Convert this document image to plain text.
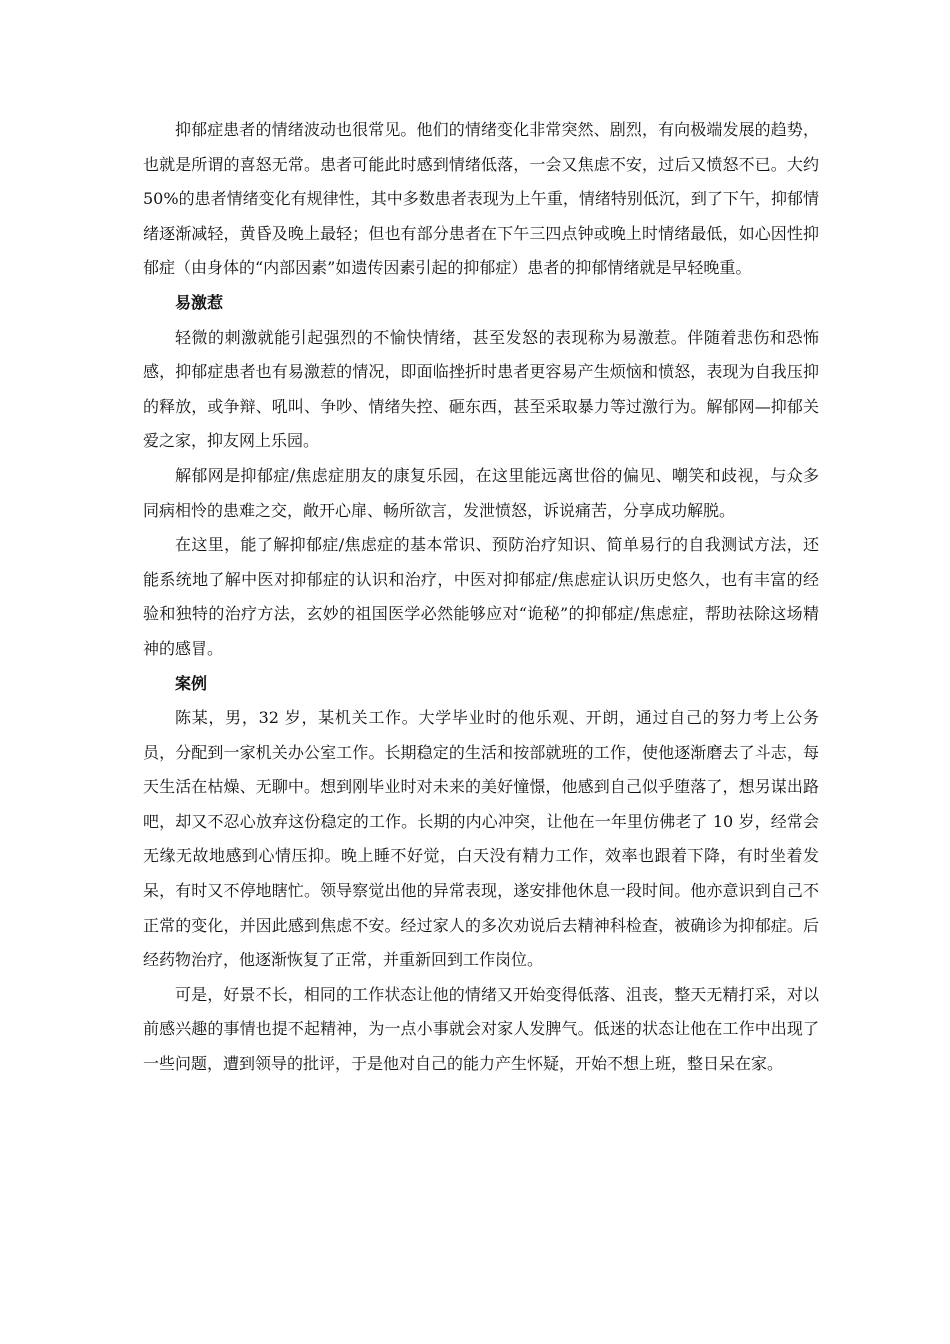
抑郁症患者的情绪波动也很常见。他们的情绪变化非常突然、剧烈，有向极端发展的趋势，也就是所谓的喜怒无常。患者可能此时感到情绪低落，一会又焦虑不安，过后又愤怒不已。大约 50%的患者情绪变化有规律性，其中多数患者表现为上午重，情绪特别低沉，到了下午，抑郁情绪逐渐减轻，黄昏及晚上最轻；但也有部分患者在下午三四点钟或晚上时情绪最低，如心因性抑郁症（由身体的“内部因素”如遗传因素引起的抑郁症）患者的抑郁情绪就是早轻晚重。

易激惹

轻微的刺激就能引起强烈的不愉快情绪，甚至发怒的表现称为易激惹。伴随着悲伤和恐怖感，抑郁症患者也有易激惹的情况，即面临挫折时患者更容易产生烦恼和愤怒，表现为自我压抑的释放，或争辩、吼叫、争吵、情绪失控、砸东西，甚至采取暴力等过激行为。解郁网—抑郁关爱之家，抑友网上乐园。

解郁网是抑郁症/焦虑症朋友的康复乐园，在这里能远离世俗的偏见、嘲笑和歧视，与众多同病相怜的患难之交，敞开心扉、畅所欲言，发泄愤怒，诉说痛苦，分享成功解脱。

在这里，能了解抑郁症/焦虑症的基本常识、预防治疗知识、简单易行的自我测试方法，还能系统地了解中医对抑郁症的认识和治疗，中医对抑郁症/焦虑症认识历史悠久，也有丰富的经验和独特的治疗方法，玄妙的祖国医学必然能够应对“诡秘”的抑郁症/焦虑症，帮助祛除这场精神的感冒。

案例

陈某，男，32 岁，某机关工作。大学毕业时的他乐观、开朗，通过自己的努力考上公务员，分配到一家机关办公室工作。长期稳定的生活和按部就班的工作，使他逐渐磨去了斗志，每天生活在枯燥、无聊中。想到刚毕业时对未来的美好憧憬，他感到自己似乎堕落了，想另谋出路吧，却又不忍心放弃这份稳定的工作。长期的内心冲突，让他在一年里仿佛老了 10 岁，经常会无缘无故地感到心情压抑。晚上睡不好觉，白天没有精力工作，效率也跟着下降，有时坐着发呆，有时又不停地瞎忙。领导察觉出他的异常表现，遂安排他休息一段时间。他亦意识到自己不正常的变化，并因此感到焦虑不安。经过家人的多次劝说后去精神科检查，被确诊为抑郁症。后经药物治疗，他逐渐恢复了正常，并重新回到工作岗位。

可是，好景不长，相同的工作状态让他的情绪又开始变得低落、沮丧，整天无精打采，对以前感兴趣的事情也提不起精神，为一点小事就会对家人发脾气。低迷的状态让他在工作中出现了一些问题，遭到领导的批评，于是他对自己的能力产生怀疑，开始不想上班，整日呆在家。
